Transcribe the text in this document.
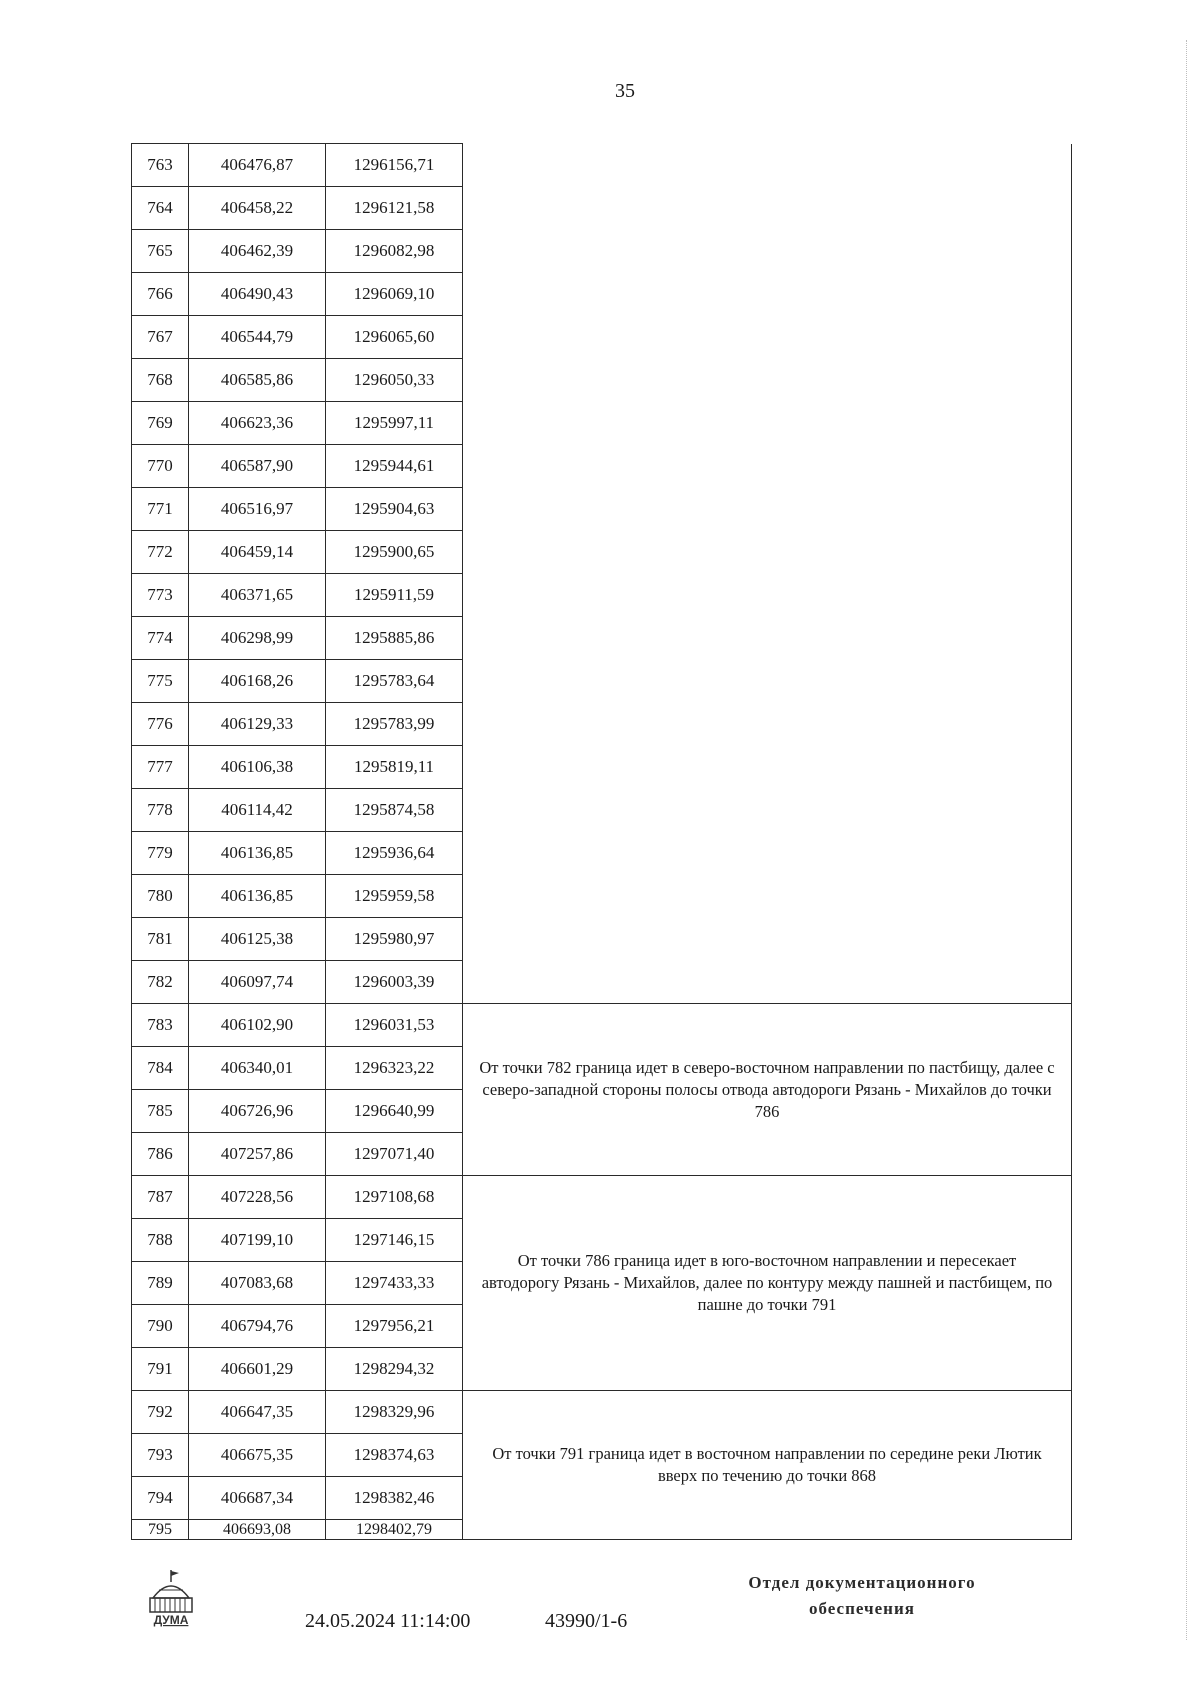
35
763	406476,87	1296156,71	
764	406458,22	1296121,58	
765	406462,39	1296082,98	
766	406490,43	1296069,10	
767	406544,79	1296065,60	
768	406585,86	1296050,33	
769	406623,36	1295997,11	
770	406587,90	1295944,61	
771	406516,97	1295904,63	
772	406459,14	1295900,65	
773	406371,65	1295911,59	
774	406298,99	1295885,86	
775	406168,26	1295783,64	
776	406129,33	1295783,99	
777	406106,38	1295819,11	
778	406114,42	1295874,58	
779	406136,85	1295936,64	
780	406136,85	1295959,58	
781	406125,38	1295980,97	
782	406097,74	1296003,39	
783	406102,90	1296031,53	От точки 782 граница идет в северо-восточном направлении по пастбищу, далее с северо-западной стороны полосы отвода автодороги Рязань - Михайлов до точки 786
784	406340,01	1296323,22	
785	406726,96	1296640,99	
786	407257,86	1297071,40	
787	407228,56	1297108,68	От точки 786 граница идет в юго-восточном направлении и пересекает автодорогу Рязань - Михайлов, далее по контуру между пашней и пастбищем, по пашне до точки 791
788	407199,10	1297146,15	
789	407083,68	1297433,33	
790	406794,76	1297956,21	
791	406601,29	1298294,32	
792	406647,35	1298329,96	От точки 791 граница идет в восточном направлении по середине реки Лютик вверх по течению до точки 868
793	406675,35	1298374,63	
794	406687,34	1298382,46	
795	406693,08	1298402,79	
ДУМА	24.05.2024 11:14:00	43990/1-6
Отдел документационного
обеспечения
